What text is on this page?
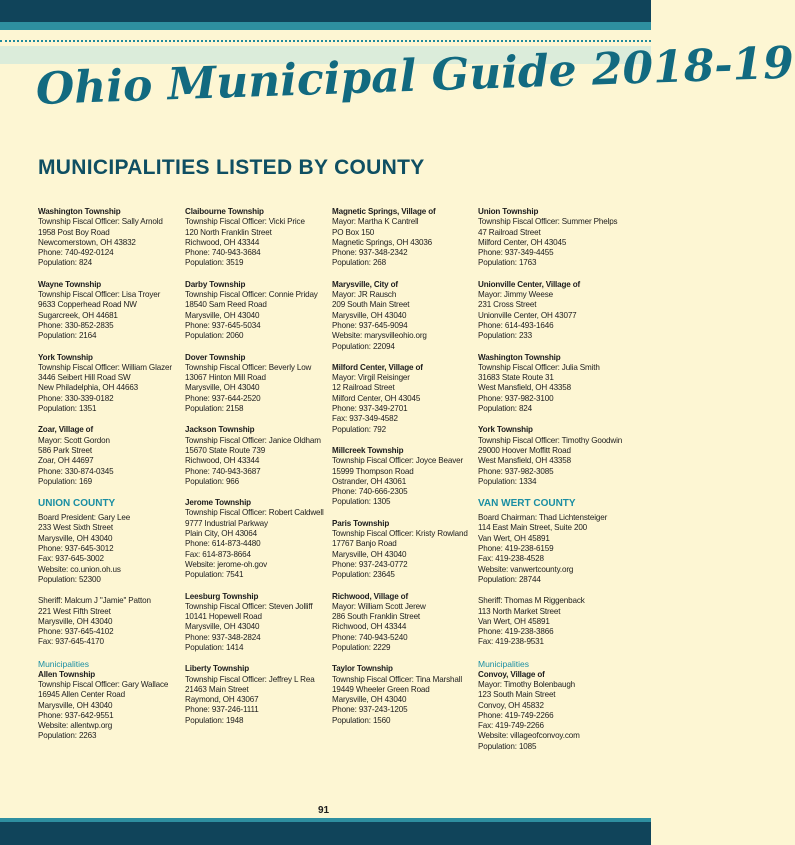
Ohio Municipal Guide 2018-19
MUNICIPALITIES LISTED BY COUNTY
Washington Township
Township Fiscal Officer: Sally Arnold
1958 Post Boy Road
Newcomerstown, OH 43832
Phone: 740-492-0124
Population: 824
Wayne Township
Township Fiscal Officer: Lisa Troyer
9633 Copperhead Road NW
Sugarcreek, OH 44681
Phone: 330-852-2835
Population: 2164
York Township
Township Fiscal Officer: William Glazer
3446 Seibert Hill Road SW
New Philadelphia, OH 44663
Phone: 330-339-0182
Population: 1351
Zoar, Village of
Mayor: Scott Gordon
586 Park Street
Zoar, OH 44697
Phone: 330-874-0345
Population: 169
UNION COUNTY
Board President: Gary Lee
233 West Sixth Street
Marysville, OH 43040
Phone: 937-645-3012
Fax: 937-645-3002
Website: co.union.oh.us
Population: 52300
Sheriff: Malcum J "Jamie" Patton
221 West Fifth Street
Marysville, OH 43040
Phone: 937-645-4102
Fax: 937-645-4170
Municipalities
Allen Township
Township Fiscal Officer: Gary Wallace
16945 Allen Center Road
Marysville, OH 43040
Phone: 937-642-9551
Website: allentwp.org
Population: 2263
Claibourne Township
Township Fiscal Officer: Vicki Price
120 North Franklin Street
Richwood, OH 43344
Phone: 740-943-3684
Population: 3519
Darby Township
Township Fiscal Officer: Connie Priday
18540 Sam Reed Road
Marysville, OH 43040
Phone: 937-645-5034
Population: 2060
Dover Township
Township Fiscal Officer: Beverly Low
13067 Hinton Mill Road
Marysville, OH 43040
Phone: 937-644-2520
Population: 2158
Jackson Township
Township Fiscal Officer: Janice Oldham
15670 State Route 739
Richwood, OH 43344
Phone: 740-943-3687
Population: 966
Jerome Township
Township Fiscal Officer: Robert Caldwell
9777 Industrial Parkway
Plain City, OH 43064
Phone: 614-873-4480
Fax: 614-873-8664
Website: jerome-oh.gov
Population: 7541
Leesburg Township
Township Fiscal Officer: Steven Jolliff
10141 Hopewell Road
Marysville, OH 43040
Phone: 937-348-2824
Population: 1414
Liberty Township
Township Fiscal Officer: Jeffrey L Rea
21463 Main Street
Raymond, OH 43067
Phone: 937-246-1111
Population: 1948
Magnetic Springs, Village of
Mayor: Martha K Cantrell
PO Box 150
Magnetic Springs, OH 43036
Phone: 937-348-2342
Population: 268
Marysville, City of
Mayor: JR Rausch
209 South Main Street
Marysville, OH 43040
Phone: 937-645-9094
Website: marysvilleohio.org
Population: 22094
Milford Center, Village of
Mayor: Virgil Reisinger
12 Railroad Street
Milford Center, OH 43045
Phone: 937-349-2701
Fax: 937-349-4582
Population: 792
Millcreek Township
Township Fiscal Officer: Joyce Beaver
15999 Thompson Road
Ostrander, OH 43061
Phone: 740-666-2305
Population: 1305
Paris Township
Township Fiscal Officer: Kristy Rowland
17767 Banjo Road
Marysville, OH 43040
Phone: 937-243-0772
Population: 23645
Richwood, Village of
Mayor: William Scott Jerew
286 South Franklin Street
Richwood, OH 43344
Phone: 740-943-5240
Population: 2229
Taylor Township
Township Fiscal Officer: Tina Marshall
19449 Wheeler Green Road
Marysville, OH 43040
Phone: 937-243-1205
Population: 1560
Union Township
Township Fiscal Officer: Summer Phelps
47 Railroad Street
Milford Center, OH 43045
Phone: 937-349-4455
Population: 1763
Unionville Center, Village of
Mayor: Jimmy Weese
231 Cross Street
Unionville Center, OH 43077
Phone: 614-493-1646
Population: 233
Washington Township
Township Fiscal Officer: Julia Smith
31683 State Route 31
West Mansfield, OH 43358
Phone: 937-982-3100
Population: 824
York Township
Township Fiscal Officer: Timothy Goodwin
29000 Hoover Moffitt Road
West Mansfield, OH 43358
Phone: 937-982-3085
Population: 1334
VAN WERT COUNTY
Board Chairman: Thad Lichtensteiger
114 East Main Street, Suite 200
Van Wert, OH 45891
Phone: 419-238-6159
Fax: 419-238-4528
Website: vanwertcounty.org
Population: 28744
Sheriff: Thomas M Riggenback
113 North Market Street
Van Wert, OH 45891
Phone: 419-238-3866
Fax: 419-238-9531
Municipalities
Convoy, Village of
Mayor: Timothy Bolenbaugh
123 South Main Street
Convoy, OH 45832
Phone: 419-749-2266
Fax: 419-749-2266
Website: villageofconvoy.com
Population: 1085
91
